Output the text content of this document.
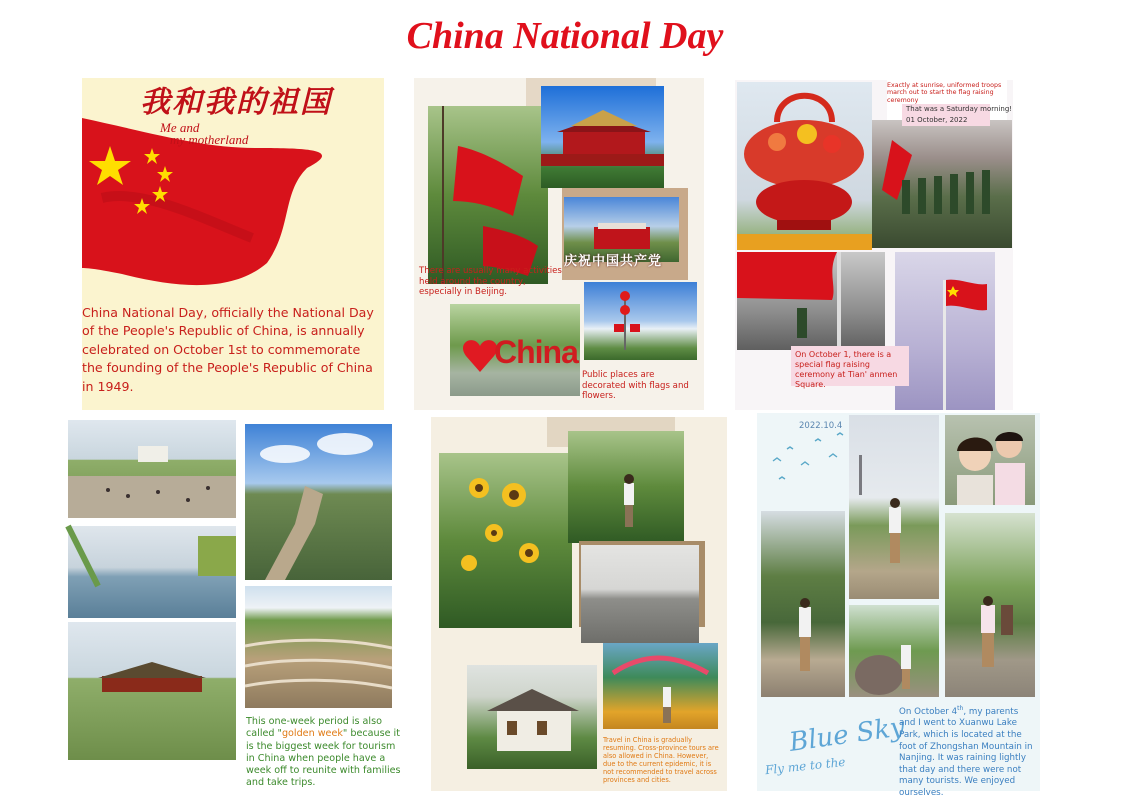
China National Day
我和我的祖国
Me and
my motherland
China National Day, officially the National Day of the People's Republic of China, is annually celebrated on October 1st to commemorate the founding of the People's Republic of China in 1949.
庆祝中国共产党
There are usually many activities held around the country, especially in Beijing.
China
Public places are decorated with flags and flowers.
Exactly at sunrise, uniformed troops march out to start the flag raising ceremony
That was a Saturday morning!
01 October, 2022
On October 1, there is a special flag raising ceremony at Tian' anmen Square.
This one-week period is also called "golden week" because it is the biggest week for tourism in China when people have a week off to reunite with families and take trips.
Travel in China is gradually resuming. Cross-province tours are also allowed in China. However, due to the current epidemic, it is not recommended to travel across provinces and cities.
2022.10.4
Blue Sky
Fly me to the
On October 4th, my parents and I went to Xuanwu Lake Park, which is located at the foot of Zhongshan Mountain in Nanjing. It was raining lightly that day and there were not many tourists. We enjoyed ourselves.
